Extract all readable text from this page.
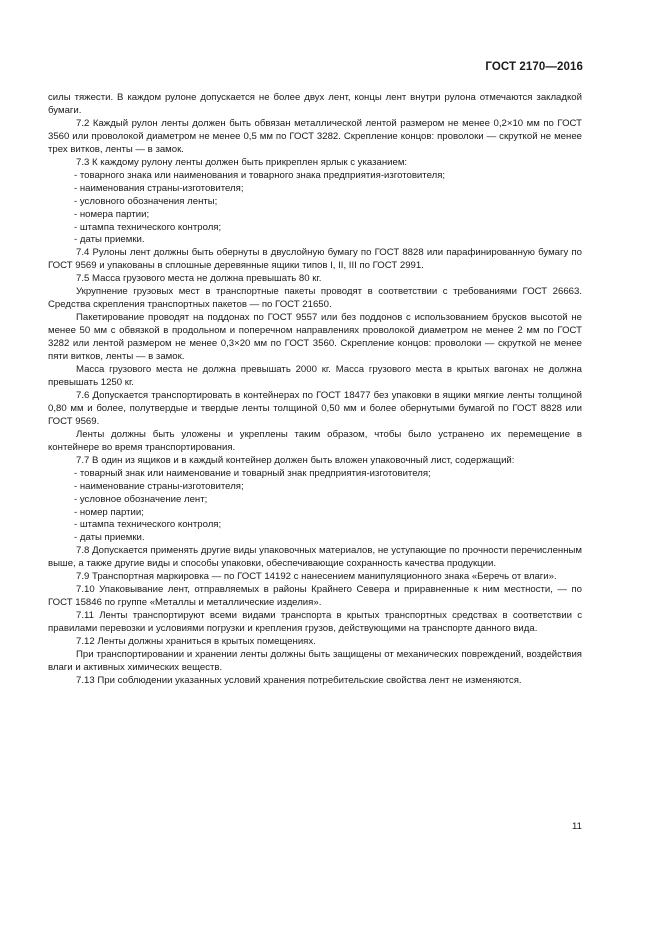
ГОСТ 2170—2016

силы тяжести. В каждом рулоне допускается не более двух лент, концы лент внутри рулона отмечаются закладкой бумаги.

7.2 Каждый рулон ленты должен быть обвязан металлической лентой размером не менее 0,2×10 мм по ГОСТ 3560 или проволокой диаметром не менее 0,5 мм по ГОСТ 3282. Скрепление концов: проволоки — скруткой не менее трех витков, ленты — в замок.

7.3 К каждому рулону ленты должен быть прикреплен ярлык с указанием:

- товарного знака или наименования и товарного знака предприятия-изготовителя;

- наименования страны-изготовителя;

- условного обозначения ленты;

- номера партии;

- штампа технического контроля;

- даты приемки.

7.4 Рулоны лент должны быть обернуты в двуслойную бумагу по ГОСТ 8828 или парафинированную бумагу по ГОСТ 9569 и упакованы в сплошные деревянные ящики типов I, II, III по ГОСТ 2991.

7.5 Масса грузового места не должна превышать 80 кг.

Укрупнение грузовых мест в транспортные пакеты проводят в соответствии с требованиями ГОСТ 26663. Средства скрепления транспортных пакетов — по ГОСТ 21650.

Пакетирование проводят на поддонах по ГОСТ 9557 или без поддонов с использованием брусков высотой не менее 50 мм с обвязкой в продольном и поперечном направлениях проволокой диаметром не менее 2 мм по ГОСТ 3282 или лентой размером не менее 0,3×20 мм по ГОСТ 3560. Скрепление концов: проволоки — скруткой не менее пяти витков, ленты — в замок.

Масса грузового места не должна превышать 2000 кг. Масса грузового места в крытых вагонах не должна превышать 1250 кг.

7.6 Допускается транспортировать в контейнерах по ГОСТ 18477 без упаковки в ящики мягкие ленты толщиной 0,80 мм и более, полутвердые и твердые ленты толщиной 0,50 мм и более обернутыми бумагой по ГОСТ 8828 или ГОСТ 9569.

Ленты должны быть уложены и укреплены таким образом, чтобы было устранено их перемещение в контейнере во время транспортирования.

7.7 В один из ящиков и в каждый контейнер должен быть вложен упаковочный лист, содержащий:

- товарный знак или наименование и товарный знак предприятия-изготовителя;

- наименование страны-изготовителя;

- условное обозначение лент;

- номер партии;

- штампа технического контроля;

- даты приемки.

7.8 Допускается применять другие виды упаковочных материалов, не уступающие по прочности перечисленным выше, а также другие виды и способы упаковки, обеспечивающие сохранность качества продукции.

7.9 Транспортная маркировка — по ГОСТ 14192 с нанесением манипуляционного знака «Беречь от влаги».

7.10 Упаковывание лент, отправляемых в районы Крайнего Севера и приравненные к ним местности, — по ГОСТ 15846 по группе «Металлы и металлические изделия».

7.11 Ленты транспортируют всеми видами транспорта в крытых транспортных средствах в соответствии с правилами перевозки и условиями погрузки и крепления грузов, действующими на транспорте данного вида.

7.12 Ленты должны храниться в крытых помещениях.

При транспортировании и хранении ленты должны быть защищены от механических повреждений, воздействия влаги и активных химических веществ.

7.13 При соблюдении указанных условий хранения потребительские свойства лент не изменяются.

11
